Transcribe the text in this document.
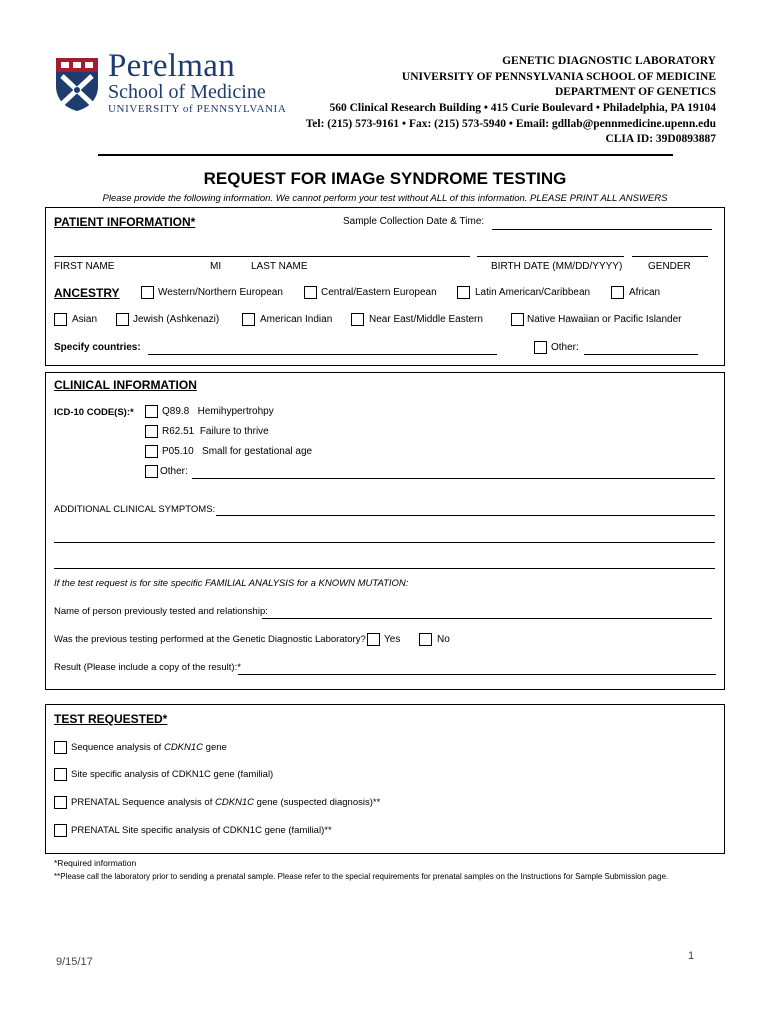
Perelman
School of Medicine
UNIVERSITY of PENNSYLVANIA
GENETIC DIAGNOSTIC LABORATORY
UNIVERSITY OF PENNSYLVANIA SCHOOL OF MEDICINE
DEPARTMENT OF GENETICS
560 Clinical Research Building • 415 Curie Boulevard • Philadelphia, PA 19104
Tel: (215) 573-9161 • Fax: (215) 573-5940 • Email: gdllab@pennmedicine.upenn.edu
CLIA ID: 39D0893887
REQUEST FOR IMAGe SYNDROME TESTING
Please provide the following information. We cannot perform your test without ALL of this information. PLEASE PRINT ALL ANSWERS
PATIENT INFORMATION*	Sample Collection Date & Time:
FIRST NAME	MI	LAST NAME	BIRTH DATE (MM/DD/YYYY)	GENDER
ANCESTRY	Western/Northern European	Central/Eastern European	Latin American/Caribbean	African
Asian	Jewish (Ashkenazi)	American Indian	Near East/Middle Eastern	Native Hawaiian or Pacific Islander
Specify countries:	Other:
CLINICAL INFORMATION
ICD-10 CODE(S):*	Q89.8 Hemihypertrohpy
R62.51 Failure to thrive
P05.10 Small for gestational age
Other:
ADDITIONAL CLINICAL SYMPTOMS:
If the test request is for site specific FAMILIAL ANALYSIS for a KNOWN MUTATION:
Name of person previously tested and relationship:
Was the previous testing performed at the Genetic Diagnostic Laboratory? Yes	No
Result (Please include a copy of the result):*
TEST REQUESTED*
Sequence analysis of CDKN1C gene
Site specific analysis of CDKN1C gene (familial)
PRENATAL Sequence analysis of CDKN1C gene (suspected diagnosis)**
PRENATAL Site specific analysis of CDKN1C gene (familial)**
*Required information
**Please call the laboratory prior to sending a prenatal sample. Please refer to the special requirements for prenatal samples on the Instructions for Sample Submission page.
9/15/17	1
